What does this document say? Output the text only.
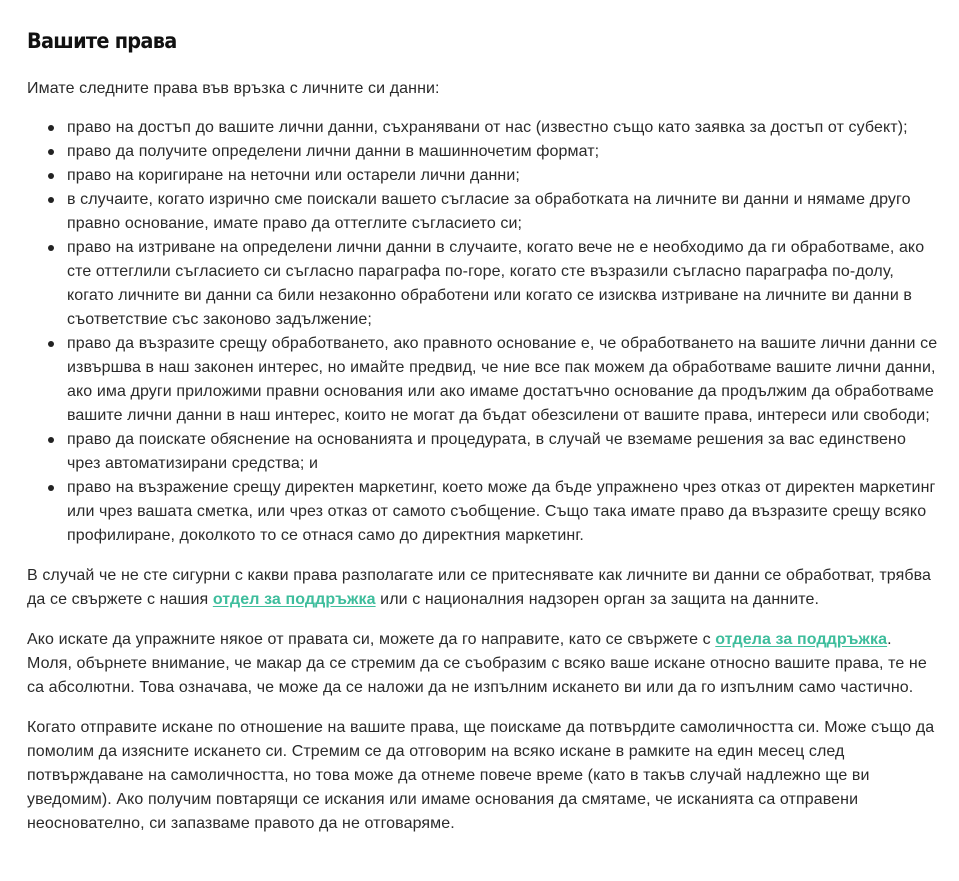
Вашите права

Имате следните права във връзка с личните си данни:

право на достъп до вашите лични данни, съхранявани от нас (известно също като заявка за достъп от субект);
право да получите определени лични данни в машинночетим формат;
право на коригиране на неточни или остарели лични данни;
в случаите, когато изрично сме поискали вашето съгласие за обработката на личните ви данни и нямаме друго правно основание, имате право да оттеглите съгласието си;
право на изтриване на определени лични данни в случаите, когато вече не е необходимо да ги обработваме, ако сте оттеглили съгласието си съгласно параграфа по-горе, когато сте възразили съгласно параграфа по-долу, когато личните ви данни са били незаконно обработени или когато се изисква изтриване на личните ви данни в съответствие със законово задължение;
право да възразите срещу обработването, ако правното основание е, че обработването на вашите лични данни се извършва в наш законен интерес, но имайте предвид, че ние все пак можем да обработваме вашите лични данни, ако има други приложими правни основания или ако имаме достатъчно основание да продължим да обработваме вашите лични данни в наш интерес, които не могат да бъдат обезсилени от вашите права, интереси или свободи;
право да поискате обяснение на основанията и процедурата, в случай че вземаме решения за вас единствено чрез автоматизирани средства; и
право на възражение срещу директен маркетинг, което може да бъде упражнено чрез отказ от директен маркетинг или чрез вашата сметка, или чрез отказ от самото съобщение. Също така имате право да възразите срещу всяко профилиране, доколкото то се отнася само до директния маркетинг.

В случай че не сте сигурни с какви права разполагате или се притеснявате как личните ви данни се обработват, трябва да се свържете с нашия отдел за поддръжка или с националния надзорен орган за защита на данните.

Ако искате да упражните някое от правата си, можете да го направите, като се свържете с отдела за поддръжка. Моля, обърнете внимание, че макар да се стремим да се съобразим с всяко ваше искане относно вашите права, те не са абсолютни. Това означава, че може да се наложи да не изпълним искането ви или да го изпълним само частично.

Когато отправите искане по отношение на вашите права, ще поискаме да потвърдите самоличността си. Може също да помолим да изясните искането си. Стремим се да отговорим на всяко искане в рамките на един месец след потвърждаване на самоличността, но това може да отнеме повече време (като в такъв случай надлежно ще ви уведомим). Ако получим повтарящи се искания или имаме основания да смятаме, че исканията са отправени неоснователно, си запазваме правото да не отговаряме.
